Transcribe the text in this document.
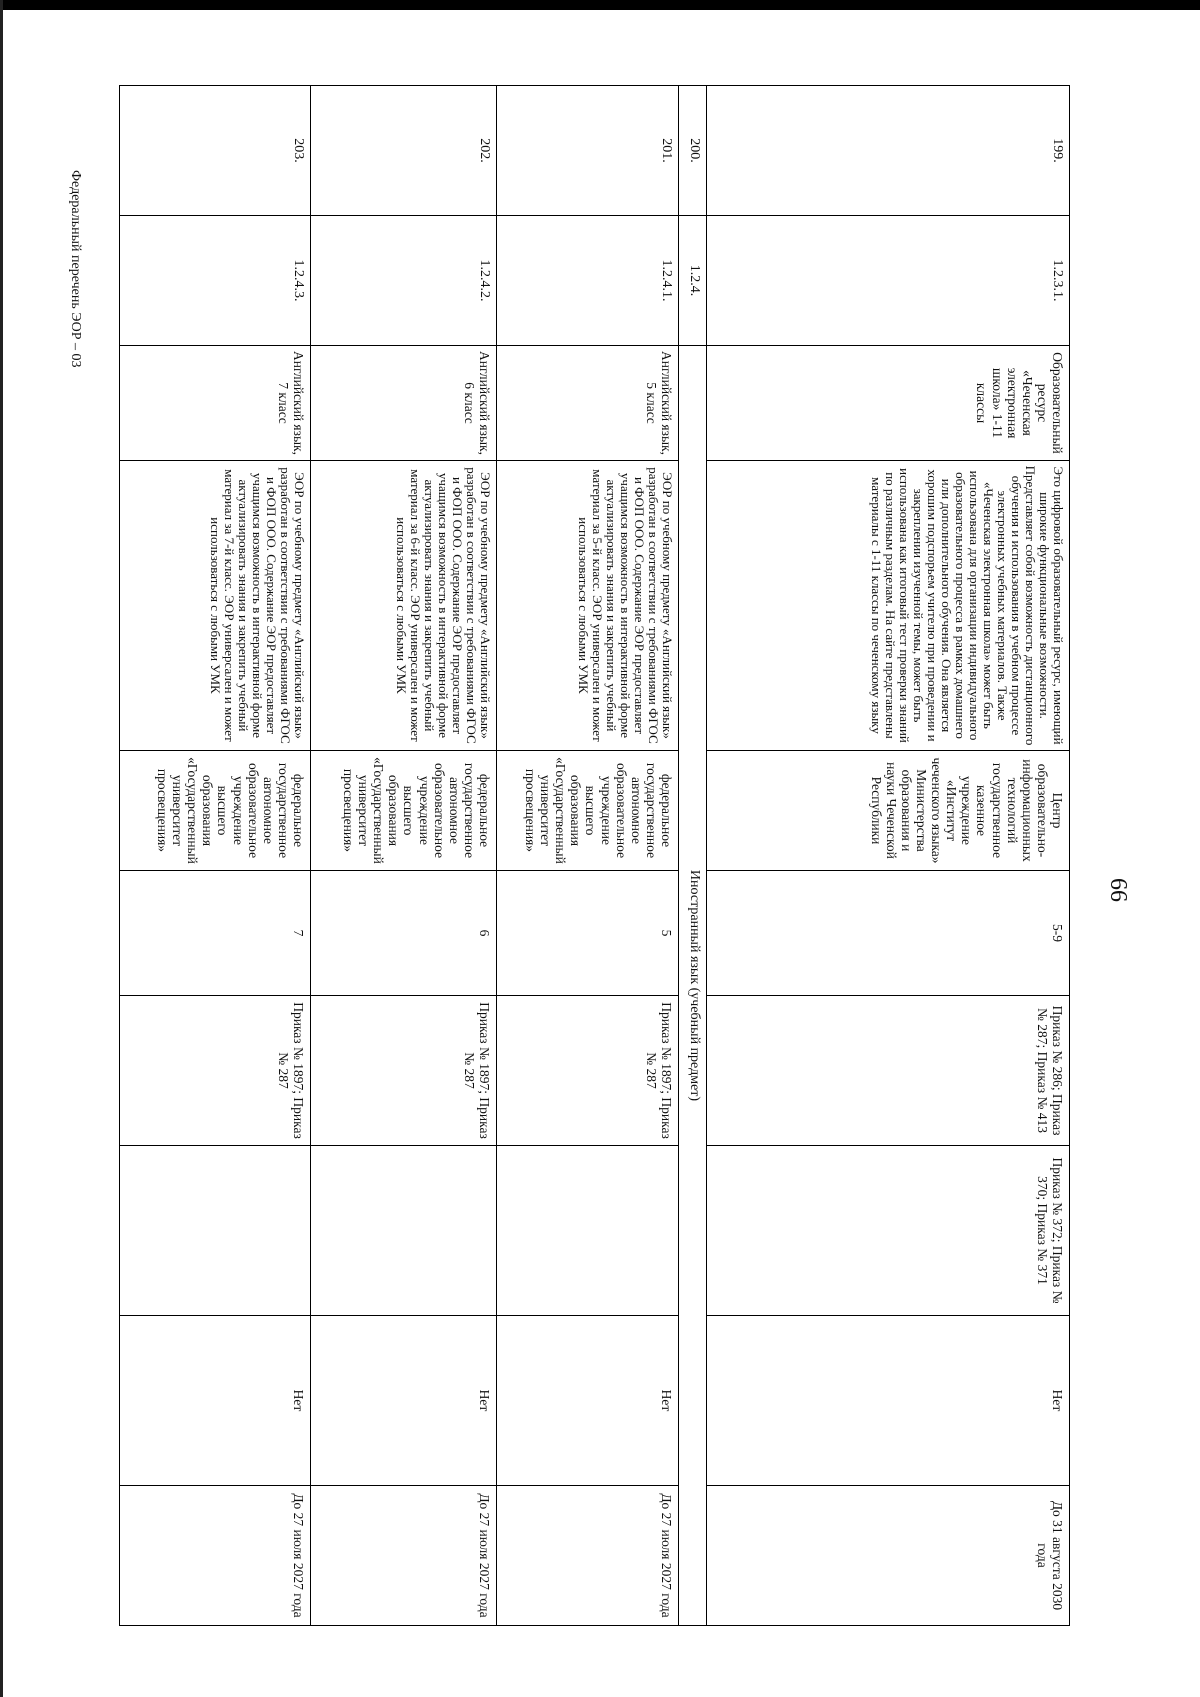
66
Федеральный перечень ЭОР – 03
199.	1.2.3.1.	Образовательный ресурс «Чеченская электронная школа» 1-11 классы	Это цифровой образовательный ресурс, имеющий широкие функциональные возможности. Представляет собой возможность дистанционного обучения и использования в учебном процессе электронных учебных материалов. Также «Чеченская электронная школа» может быть использована для организации индивидуального образовательного процесса в рамках домашнего или дополнительного обучения. Она является хорошим подспорьем учителю при проведении и закреплении изученной темы, может быть использована как итоговый тест проверки знаний по различным разделам. На сайте представлены материалы с 1-11 классы по чеченскому языку	Центр образовательно-информационных технологий государственное казенное учреждение «Институт чеченского языка» Министерства образования и науки Чеченской Республики	5-9	Приказ № 286; Приказ № 287; Приказ № 413	Приказ № 372; Приказ № 370; Приказ № 371	Нет	До 31 августа 2030 года
200.	1.2.4.	Иностранный язык (учебный предмет)							
201.	1.2.4.1.	Английский язык, 5 класс	ЭОР по учебному предмету «Английский язык» разработан в соответствии с требованиями ФГОС и ФОП ООО. Содержание ЭОР предоставляет учащимся возможность в интерактивной форме актуализировать знания и закрепить учебный материал за 5-й класс. ЭОР универсален и может использоваться с любыми УМК	федеральное государственное автономное образовательное учреждение высшего образования «Государственный университет просвещения»	5	Приказ № 1897; Приказ № 287		Нет	До 27 июля 2027 года
202.	1.2.4.2.	Английский язык, 6 класс	ЭОР по учебному предмету «Английский язык» разработан в соответствии с требованиями ФГОС и ФОП ООО. Содержание ЭОР предоставляет учащимся возможность в интерактивной форме актуализировать знания и закрепить учебный материал за 6-й класс. ЭОР универсален и может использоваться с любыми УМК	федеральное государственное автономное образовательное учреждение высшего образования «Государственный университет просвещения»	6	Приказ № 1897; Приказ № 287		Нет	До 27 июля 2027 года
203.	1.2.4.3.	Английский язык, 7 класс	ЭОР по учебному предмету «Английский язык» разработан в соответствии с требованиями ФГОС и ФОП ООО. Содержание ЭОР предоставляет учащимся возможность в интерактивной форме актуализировать знания и закрепить учебный материал за 7-й класс. ЭОР универсален и может использоваться с любыми УМК	федеральное государственное автономное образовательное учреждение высшего образования «Государственный университет просвещения»	7	Приказ № 1897; Приказ № 287		Нет	До 27 июля 2027 года
